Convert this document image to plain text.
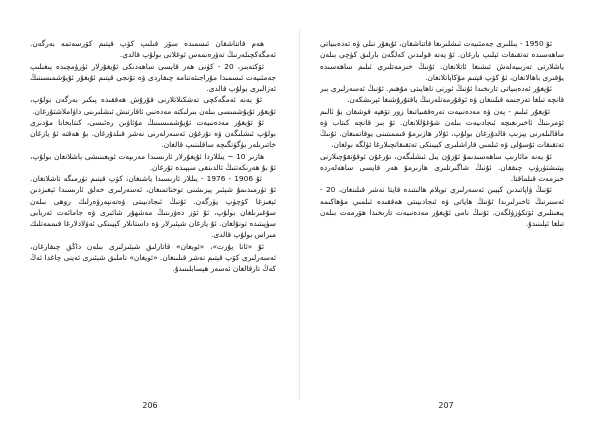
ھەم قاتناشقان ئىسمىدە سۆز قىلىپ كۆپ قېتىم كۆرسەتمە بەرگەن. ئەمگەكچىلەرنىڭ تەۋرەنمەس ئوغلانى بولۇپ قالدى.

ئۆكتەبىر، 20 - كۈنى ھەر قايسى ساھەدىكى ئۇيغۇرلار ئۈرۈمچىدە يىغىلىپ جەمئىيەت ئىسمىدا مۇراجىئەتنامە چىقاردى ۋە تۇنجى قېتىم ئۇيغۇر ئۇيۇشمىسىنىڭ ئەزالىرى بولۇپ قالدى.

ئۇ يەنە ئەمگەكچى تەشكىلاتلارنى قۇرۇش ھەققىدە پىكىر بەرگەن بولۇپ، ئۇيغۇر ئۇيۇشمىسى بىلەن بىرلىكتە مەدەنىي ئاقارتىش ئىشلىرىنى داۋاملاشتۇرغان.

ئۇ ئۇيغۇر مەدەنىيەت ئۇيۇشمىسىنىڭ مۇئاۋىن رەئىسى، كىتابخانا مۇدىرى بولۇپ ئىشلىگەن ۋە نۇرغۇن ئەسەرلەرنى نەشر قىلدۇرغان. بۇ ھەقتە ئۇ يازغان خاتىرىلەر بۈگۈنگىچە ساقلىنىپ قالغان.

ھازىر 10 ~ يىللاردا ئۇيغۇرلار ئارىسىدا مەرىپەت ئويغىنىشى باشلانغان بولۇپ، ئۇ بۇ ھەرىكەتنىڭ ئالدىنقى سېپىدە تۇرغان.

ئۇ 1906 - 1976 - يىللار ئارىسىدا ياشىغان، كۆپ قېتىم تۈرمىگە تاشلانغان. ئۇ تۈرمىدىمۇ شېئىر يېزىشنى توختاتمىغان، ئەسەرلىرى خەلق ئارىسىدا ئېغىزدىن ئېغىزغا كۆچۈپ يۈرگەن. ئۇنىڭ ئىجادىيىتى ۋەتەنپەرۋەرلىك روھى بىلەن سۇغىرىلغان بولۇپ، ئۇ ئۆز دەۋرىنىڭ مەشھۇر شائىرى ۋە جامائەت ئەربابى سۈپىتىدە تونۇلغان. ئۇ يازغان شېئىرلار ۋە داستانلار كېيىنكى ئەۋلادلارغا قىممەتلىك مىراس بولۇپ قالدى.

ئۇ «ئانا يۇرت»، «ئويغان» قاتارلىق شېئىرلىرى بىلەن داڭق چىقارغان، ئەسەرلىرى كۆپ قېتىم نەشر قىلىنغان. «ئويغان» ناملىق شېئىرى ئەينى چاغدا ئەڭ كەڭ تارقالغان ئەسەر ھېسابلىنىدۇ.

206

ئۇ 1950 - يىللىرى جەمئىيەت ئىشلىرىغا قاتناشقان، ئۇيغۇر تىلى ۋە ئەدەبىياتى ساھەسىدە تەتقىقات ئېلىپ بارغان. ئۇ يەنە قولىدىن كەلگەن بارلىق كۈچى بىلەن ياشلارنى تەربىيەلەش ئىشىغا ئاتلانغان. ئۇنىڭ خىزمەتلىرى ئىلىم ساھەسىدە يۇقىرى باھالانغان، ئۇ كۆپ قېتىم مۇكاپاتلانغان.

ئۇيغۇر ئەدەبىياتى تارىخىدا ئۇنىڭ ئورنى ناھايىتى مۇھىم. ئۇنىڭ ئەسەرلىرى بىر قانچە تىلغا تەرجىمە قىلىنغان ۋە ئوقۇرمەنلەرنىڭ ياقتۇرۇشىغا ئېرىشكەن.

ئۇيغۇر ئىلىم - پەن ۋە مەدەنىيەت تەرەققىياتىغا زور تۆھپە قوشقان بۇ ئالىم ئۆمرىنىڭ ئاخىرىغىچە ئىجادىيەت بىلەن شۇغۇللانغان. ئۇ بىر قانچە كىتاب ۋە ماقالىلەرنى يېزىپ قالدۇرغان بولۇپ، ئۇلار ھازىرمۇ قىممىتىنى يوقاتمىغان. ئۇنىڭ تەتقىقات ئۇسۇلى ۋە ئىلمىي قاراشلىرى كېيىنكى تەتقىقاتچىلارغا ئۈلگە بولغان.

ئۇ يەنە مائارىپ ساھەسىدىمۇ ئۇزۇن يىل ئىشلىگەن، نۇرغۇن ئوقۇتقۇچىلارنى يېتىشتۈرۈپ چىققان. ئۇنىڭ شاگىرتلىرى ھازىرمۇ ھەر قايسى ساھەلەردە خىزمەت قىلماقتا.

ئۇنىڭ ۋاپاتىدىن كېيىن ئەسەرلىرى توپلام ھالىتىدە قايتا نەشر قىلىنغان، 20 - ئەسىرنىڭ ئاخىرلىرىدا ئۇنىڭ ھاياتى ۋە ئىجادىيىتى ھەققىدە ئىلمىي مۇھاكىمە يىغىنلىرى ئۆتكۈزۈلگەن. ئۇنىڭ نامى ئۇيغۇر مەدەنىيەت تارىخىدا ھۆرمەت بىلەن تىلغا ئېلىنىدۇ.

207
